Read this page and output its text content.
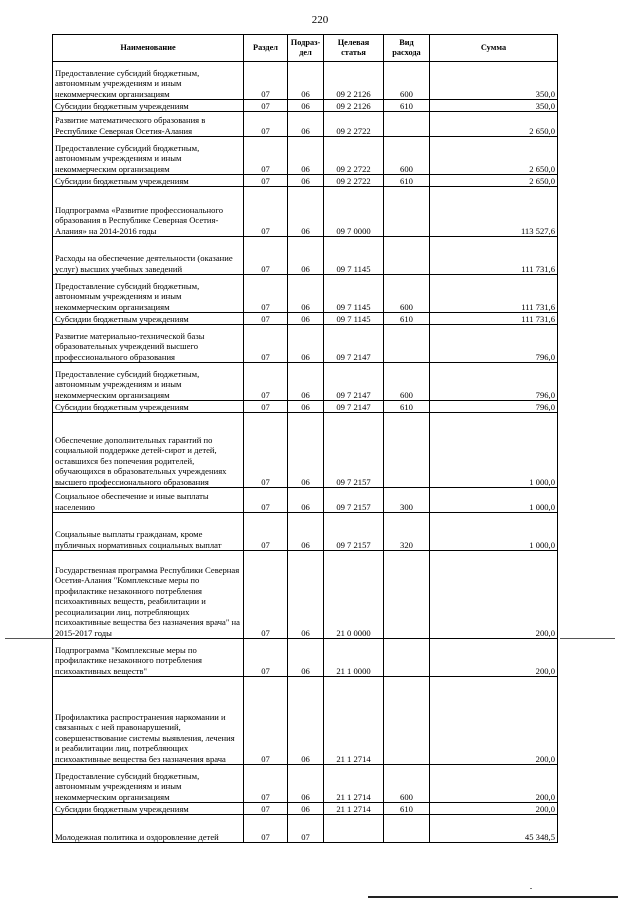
220
Наименование	Раздел	Подраз-дел	Целевая статья	Вид расхода	Сумма
Предоставление субсидий бюджетным, автономным учреждениям и иным некоммерческим организациям	07	06	09 2 2126	600	350,0
Субсидии бюджетным учреждениям	07	06	09 2 2126	610	350,0
Развитие математического образования в Республике Северная Осетия-Алания	07	06	09 2 2722		2 650,0
Предоставление субсидий бюджетным, автономным учреждениям и иным некоммерческим организациям	07	06	09 2 2722	600	2 650,0
Субсидии бюджетным учреждениям	07	06	09 2 2722	610	2 650,0
Подпрограмма «Развитие профессионального образования в Республике Северная Осетия-Алания» на 2014-2016 годы	07	06	09 7 0000		113 527,6
Расходы на обеспечение деятельности (оказание услуг) высших учебных заведений	07	06	09 7 1145		111 731,6
Предоставление субсидий бюджетным, автономным учреждениям и иным некоммерческим организациям	07	06	09 7 1145	600	111 731,6
Субсидии бюджетным учреждениям	07	06	09 7 1145	610	111 731,6
Развитие материально-технической базы образовательных учреждений высшего профессионального образования	07	06	09 7 2147		796,0
Предоставление субсидий бюджетным, автономным учреждениям и иным некоммерческим организациям	07	06	09 7 2147	600	796,0
Субсидии бюджетным учреждениям	07	06	09 7 2147	610	796,0
Обеспечение дополнительных гарантий по социальной поддержке детей-сирот и детей, оставшихся без попечения родителей, обучающихся в образовательных учреждениях высшего профессионального образования	07	06	09 7 2157		1 000,0
Социальное обеспечение и иные выплаты населению	07	06	09 7 2157	300	1 000,0
Социальные выплаты гражданам, кроме публичных нормативных социальных выплат	07	06	09 7 2157	320	1 000,0
Государственная программа Республики Северная Осетия-Алания "Комплексные меры по профилактике незаконного потребления психоактивных веществ, реабилитации и ресоциализации лиц, потребляющих психоактивные вещества без назначения врача" на 2015-2017 годы	07	06	21 0 0000		200,0
Подпрограмма "Комплексные меры по профилактике незаконного потребления психоактивных веществ"	07	06	21 1 0000		200,0
Профилактика распространения наркомании и связанных с ней правонарушений, совершенствование системы выявления, лечения и реабилитации лиц, потребляющих психоактивные вещества без назначения врача	07	06	21 1 2714		200,0
Предоставление субсидий бюджетным, автономным учреждениям и иным некоммерческим организациям	07	06	21 1 2714	600	200,0
Субсидии бюджетным учреждениям	07	06	21 1 2714	610	200,0
Молодежная политика и оздоровление детей	07	07			45 348,5
